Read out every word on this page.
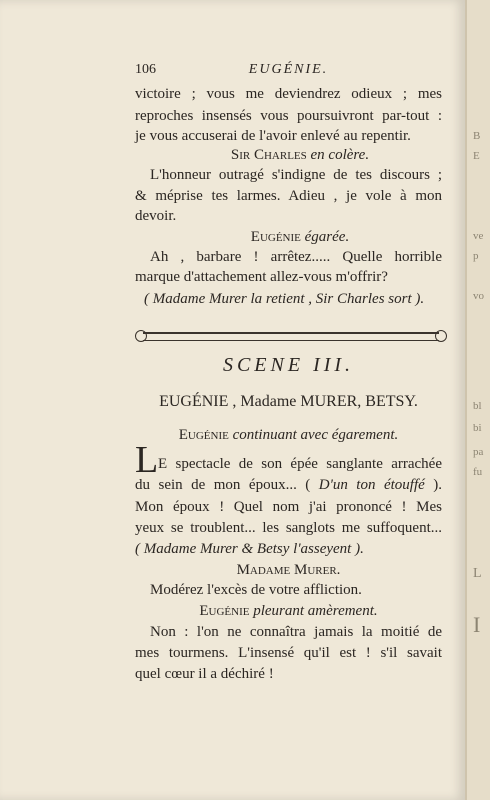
106	EUGÉNIE.
victoire ; vous me deviendrez odieux ; mes
reproches insensés vous poursuivront par-tout :
je vous accuserai de l'avoir enlevé au repentir.
Sir Charles en colère.
L'honneur outragé s'indigne de tes discours ;
& méprise tes larmes. Adieu , je vole à mon
devoir.
Eugénie égarée.
Ah , barbare ! arrêtez..... Quelle horrible
marque d'attachement allez-vous m'offrir?
( Madame Murer la retient , Sir Charles sort ).
SCENE III.
EUGÉNIE , Madame MURER, BETSY.
Eugénie continuant avec égarement.
L E spectacle de son épée sanglante arrachée
du sein de mon époux... ( D'un ton étouffé ).
Mon époux ! Quel nom j'ai prononcé ! Mes
yeux se troublent... les sanglots me suffoquent...
( Madame Murer & Betsy l'asseyent ).
Madame Murer.
Modérez l'excès de votre affliction.
Eugénie pleurant amèrement.
Non : l'on ne connaîtra jamais la moitié de
mes tourmens. L'insensé qu'il est ! s'il savait
quel cœur il a déchiré !
B
E
ve
p
vo
bl
bi
pa
fu
L
I
